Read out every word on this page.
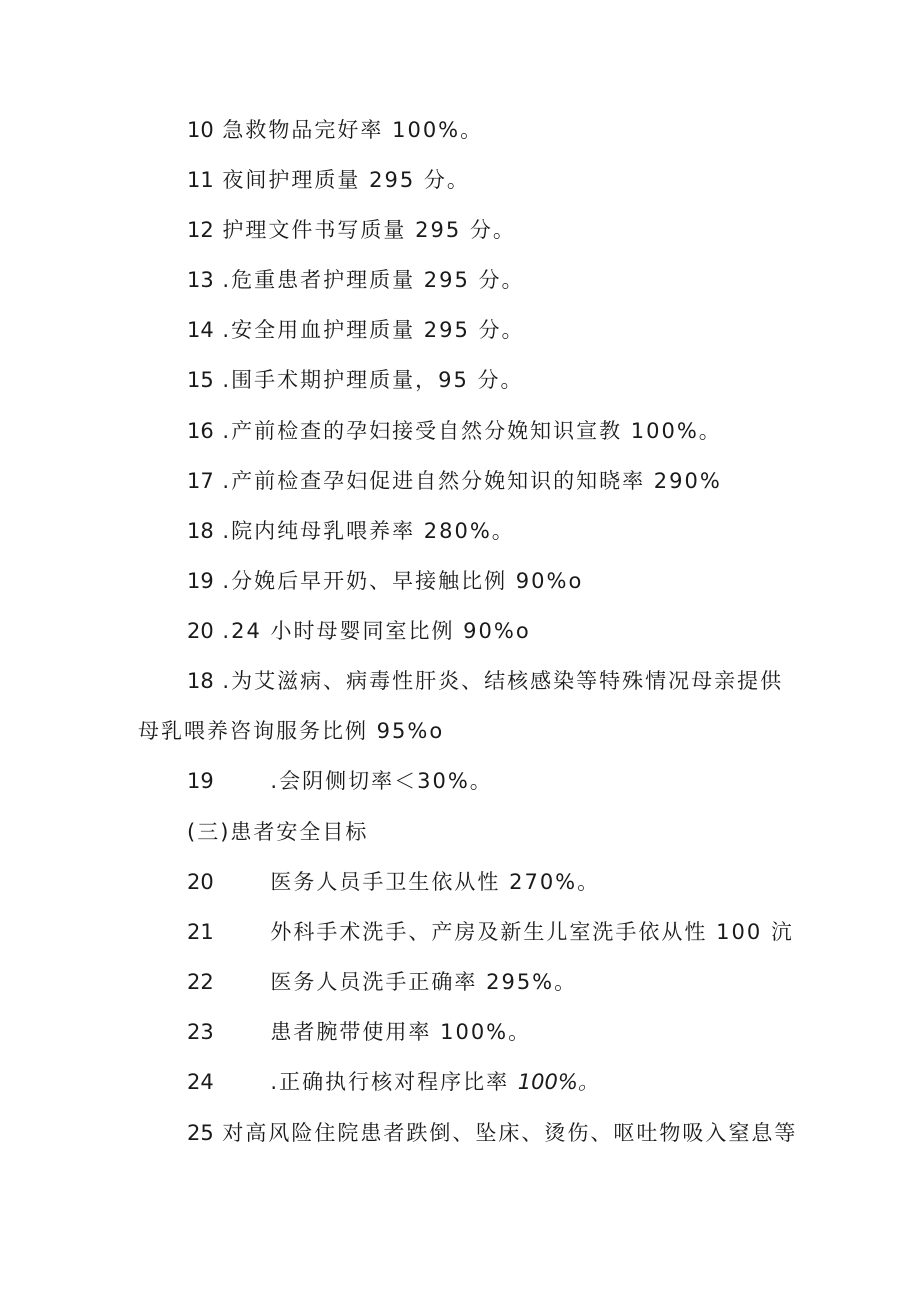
10 急救物品完好率 100%。
11 夜间护理质量 295 分。
12 护理文件书写质量 295 分。
13 .危重患者护理质量 295 分。
14 .安全用血护理质量 295 分。
15 .围手术期护理质量，95 分。
16 .产前检查的孕妇接受自然分娩知识宣教 100%。
17 .产前检查孕妇促进自然分娩知识的知晓率 290%
18 .院内纯母乳喂养率 280%。
19 .分娩后早开奶、早接触比例 90%o
20 .24 小时母婴同室比例 90%o
18 .为艾滋病、病毒性肝炎、结核感染等特殊情况母亲提供
母乳喂养咨询服务比例 95%o
19	.会阴侧切率＜30%。
(三)患者安全目标
20	医务人员手卫生依从性 270%。
21	外科手术洗手、产房及新生儿室洗手依从性 100 沆
22	医务人员洗手正确率 295%。
23	患者腕带使用率 100%。
24	.正确执行核对程序比率 100%。
25 对高风险住院患者跌倒、坠床、烫伤、呕吐物吸入窒息等
